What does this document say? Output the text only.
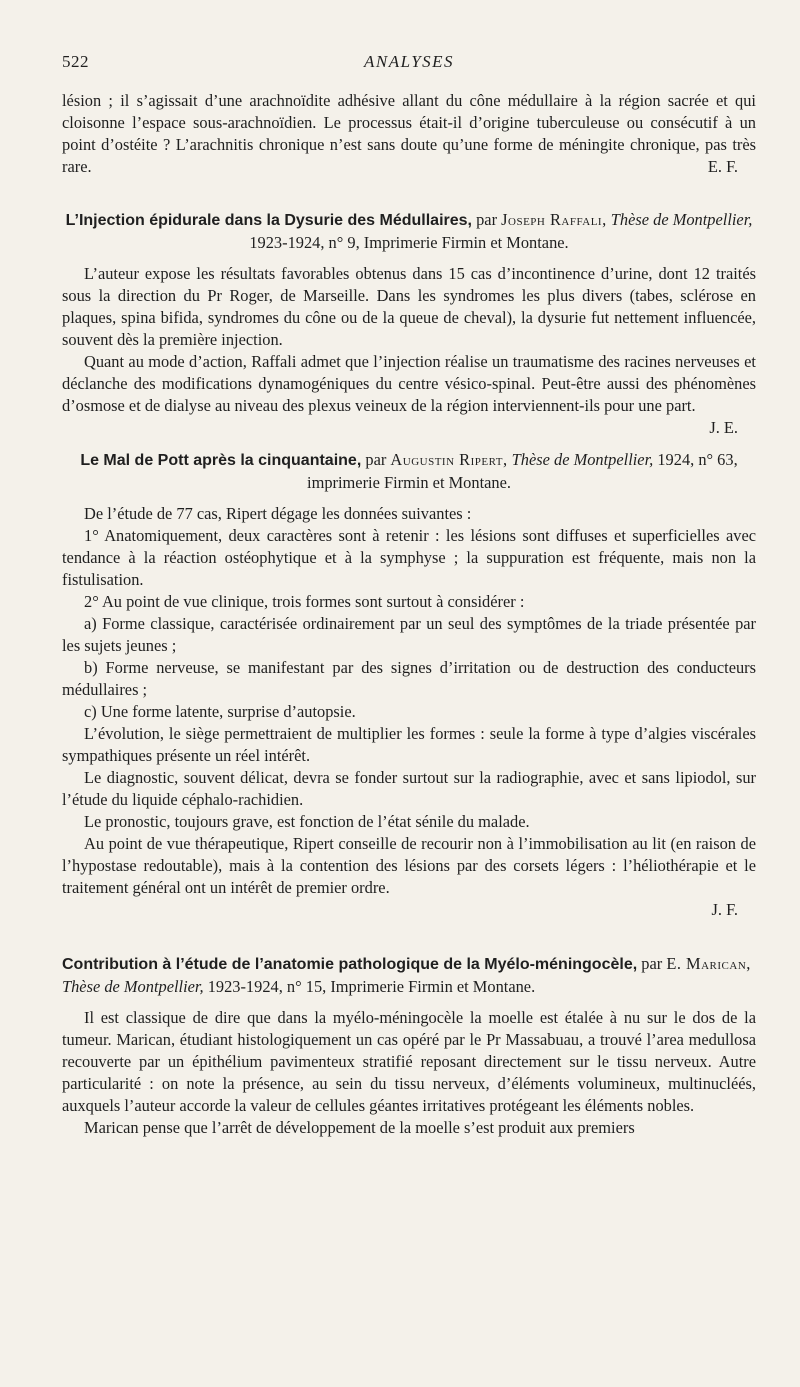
522	ANALYSES

lésion ; il s’agissait d’une arachnoïdite adhésive allant du cône médullaire à la région sacrée et qui cloisonne l’espace sous-arachnoïdien. Le processus était-il d’origine tuberculeuse ou consécutif à un point d’ostéite ? L’arachnitis chronique n’est sans doute qu’une forme de méningite chronique, pas très rare.	E. F.

L’Injection épidurale dans la Dysurie des Médullaires, par Joseph Raffali, Thèse de Montpellier, 1923-1924, n° 9, Imprimerie Firmin et Montane.

L’auteur expose les résultats favorables obtenus dans 15 cas d’incontinence d’urine, dont 12 traités sous la direction du Pr Roger, de Marseille. Dans les syndromes les plus divers (tabes, sclérose en plaques, spina bifida, syndromes du cône ou de la queue de cheval), la dysurie fut nettement influencée, souvent dès la première injection.

Quant au mode d’action, Raffali admet que l’injection réalise un traumatisme des racines nerveuses et déclanche des modifications dynamogéniques du centre vésico-spinal. Peut-être aussi des phénomènes d’osmose et de dialyse au niveau des plexus veineux de la région interviennent-ils pour une part.
J. E.

Le Mal de Pott après la cinquantaine, par Augustin Ripert, Thèse de Montpellier, 1924, n° 63, imprimerie Firmin et Montane.

De l’étude de 77 cas, Ripert dégage les données suivantes :

1° Anatomiquement, deux caractères sont à retenir : les lésions sont diffuses et superficielles avec tendance à la réaction ostéophytique et à la symphyse ; la suppuration est fréquente, mais non la fistulisation.

2° Au point de vue clinique, trois formes sont surtout à considérer :

a) Forme classique, caractérisée ordinairement par un seul des symptômes de la triade présentée par les sujets jeunes ;

b) Forme nerveuse, se manifestant par des signes d’irritation ou de destruction des conducteurs médullaires ;

c) Une forme latente, surprise d’autopsie.

L’évolution, le siège permettraient de multiplier les formes : seule la forme à type d’algies viscérales sympathiques présente un réel intérêt.

Le diagnostic, souvent délicat, devra se fonder surtout sur la radiographie, avec et sans lipiodol, sur l’étude du liquide céphalo-rachidien.

Le pronostic, toujours grave, est fonction de l’état sénile du malade.

Au point de vue thérapeutique, Ripert conseille de recourir non à l’immobilisation au lit (en raison de l’hypostase redoutable), mais à la contention des lésions par des corsets légers : l’héliothérapie et le traitement général ont un intérêt de premier ordre.

J. F.

Contribution à l’étude de l’anatomie pathologique de la Myélo-méningocèle, par E. Marican, Thèse de Montpellier, 1923-1924, n° 15, Imprimerie Firmin et Montane.

Il est classique de dire que dans la myélo-méningocèle la moelle est étalée à nu sur le dos de la tumeur. Marican, étudiant histologiquement un cas opéré par le Pr Massabuau, a trouvé l’area medullosa recouverte par un épithélium pavimenteux stratifié reposant directement sur le tissu nerveux. Autre particularité : on note la présence, au sein du tissu nerveux, d’éléments volumineux, multinucléés, auxquels l’auteur accorde la valeur de cellules géantes irritatives protégeant les éléments nobles.

Marican pense que l’arrêt de développement de la moelle s’est produit aux premiers
